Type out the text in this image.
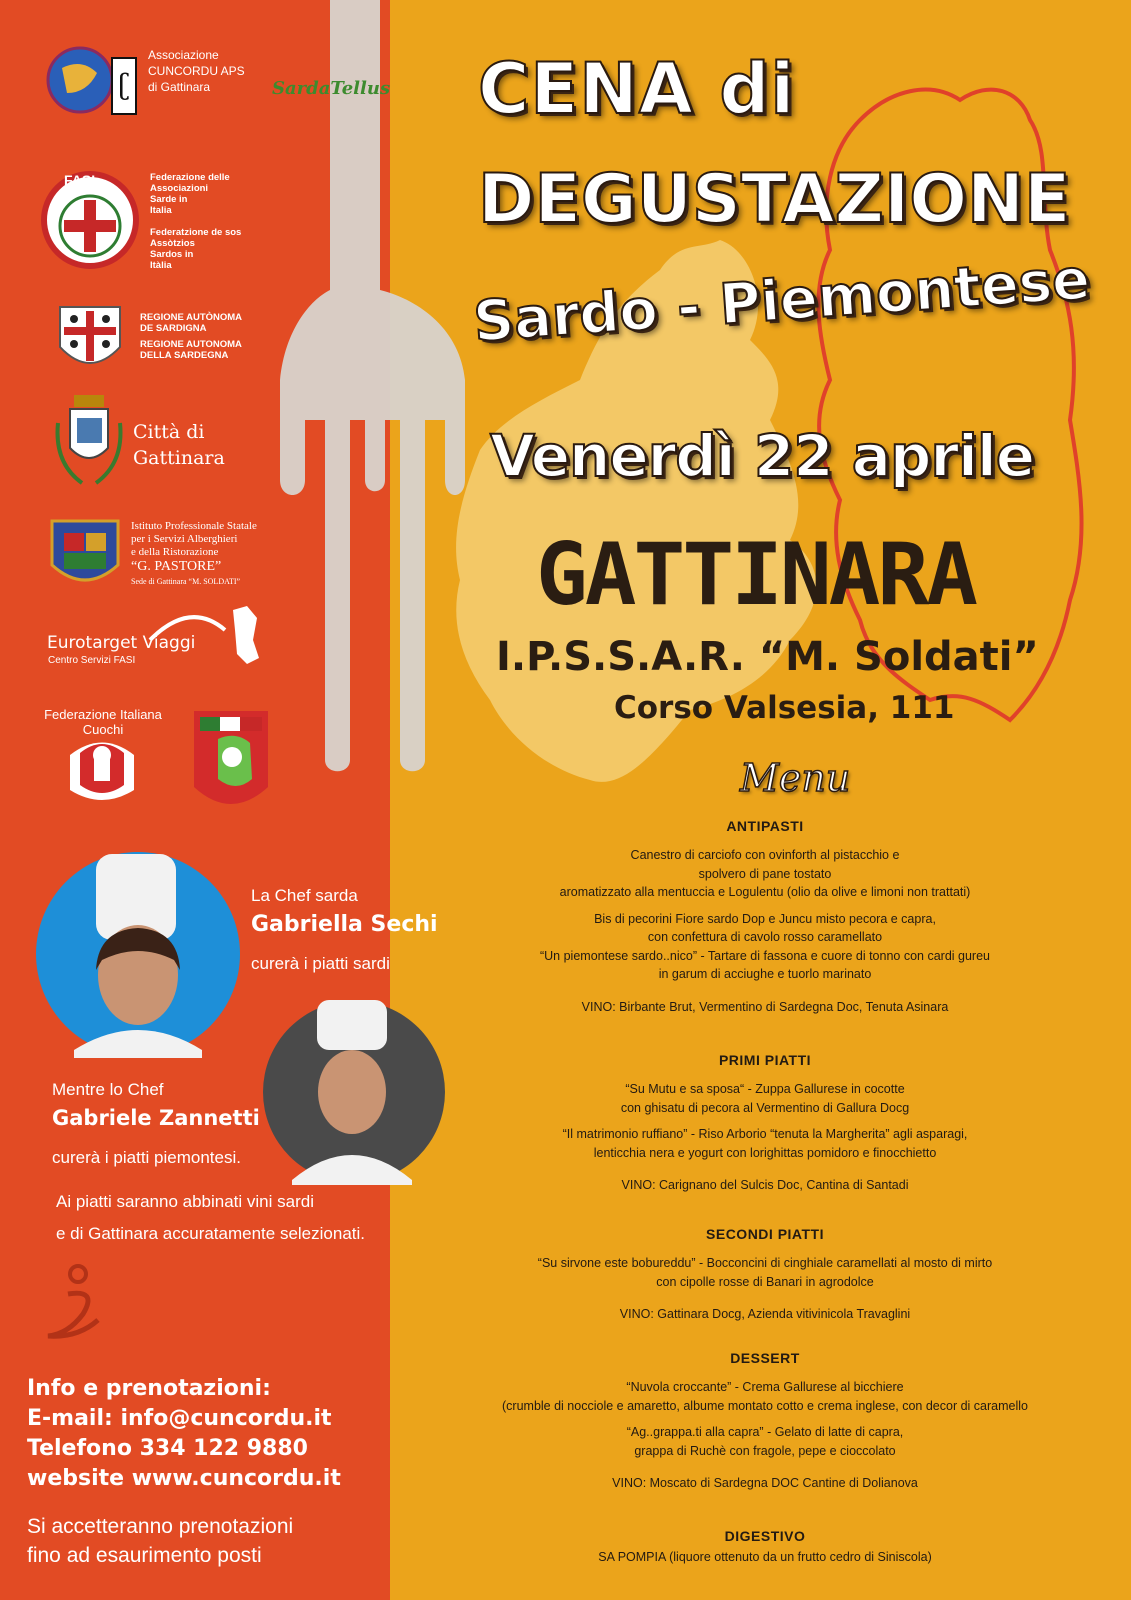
ʗ
Associazione
CUNCORDU APS
di Gattinara	SardaTellus
FASI	Federazione delle
Associazioni
Sarde in
Italia
Federatzione de sos
Assòtzios
Sardos in
Itàlia
REGIONE AUTÒNOMA
DE SARDIGNA
REGIONE AUTONOMA
DELLA SARDEGNA
Città di
Gattinara
Istituto Professionale Statale
per i Servizi Alberghieri
e della Ristorazione
“G. PASTORE”
Sede di Gattinara “M. SOLDATI”
Eurotarget Viaggi
Centro Servizi FASI
Federazione Italiana Cuochi
CENA di
DEGUSTAZIONE
Sardo - Piemontese
Venerdì 22 aprile
GATTINARA
I.P.S.S.A.R. “M. Soldati”
Corso Valsesia, 111
Menu
ANTIPASTI
Canestro di carciofo con ovinforth al pistacchio e
spolvero di pane tostato
aromatizzato alla mentuccia e Logulentu (olio da olive e limoni non trattati)
Bis di pecorini Fiore sardo Dop e Juncu misto pecora e capra,
con confettura di cavolo rosso caramellato
“Un piemontese sardo..nico” - Tartare di fassona e cuore di tonno con cardi gureu
in garum di acciughe e tuorlo marinato
VINO: Birbante Brut, Vermentino di Sardegna Doc, Tenuta Asinara
PRIMI PIATTI
“Su Mutu e sa sposa“ - Zuppa Gallurese in cocotte
con ghisatu di pecora al Vermentino di Gallura Docg
“Il matrimonio ruffiano” - Riso Arborio “tenuta la Margherita” agli asparagi,
lenticchia nera e yogurt con lorighittas pomidoro e finocchietto
VINO: Carignano del Sulcis Doc, Cantina di Santadi
SECONDI PIATTI
“Su sirvone este bobureddu” - Bocconcini di cinghiale caramellati al mosto di mirto
con cipolle rosse di Banari in agrodolce
VINO: Gattinara Docg, Azienda vitivinicola Travaglini
DESSERT
“Nuvola croccante” - Crema Gallurese al bicchiere
(crumble di nocciole e amaretto, albume montato cotto e crema inglese, con decor di caramello
“Ag..grappa.ti alla capra” - Gelato di latte di capra,
grappa di Ruchè con fragole, pepe e cioccolato
VINO: Moscato di Sardegna DOC Cantine di Dolianova
DIGESTIVO
SA POMPIA (liquore ottenuto da un frutto cedro di Siniscola)
La Chef sarda
Gabriella Sechi
curerà i piatti sardi
Mentre lo Chef
Gabriele Zannetti
curerà i piatti piemontesi.
Ai piatti saranno abbinati vini sardi
e di Gattinara accuratamente selezionati.
Info e prenotazioni:
E-mail: info@cuncordu.it
Telefono 334 122 9880
website www.cuncordu.it
Si accetteranno prenotazioni
fino ad esaurimento posti
